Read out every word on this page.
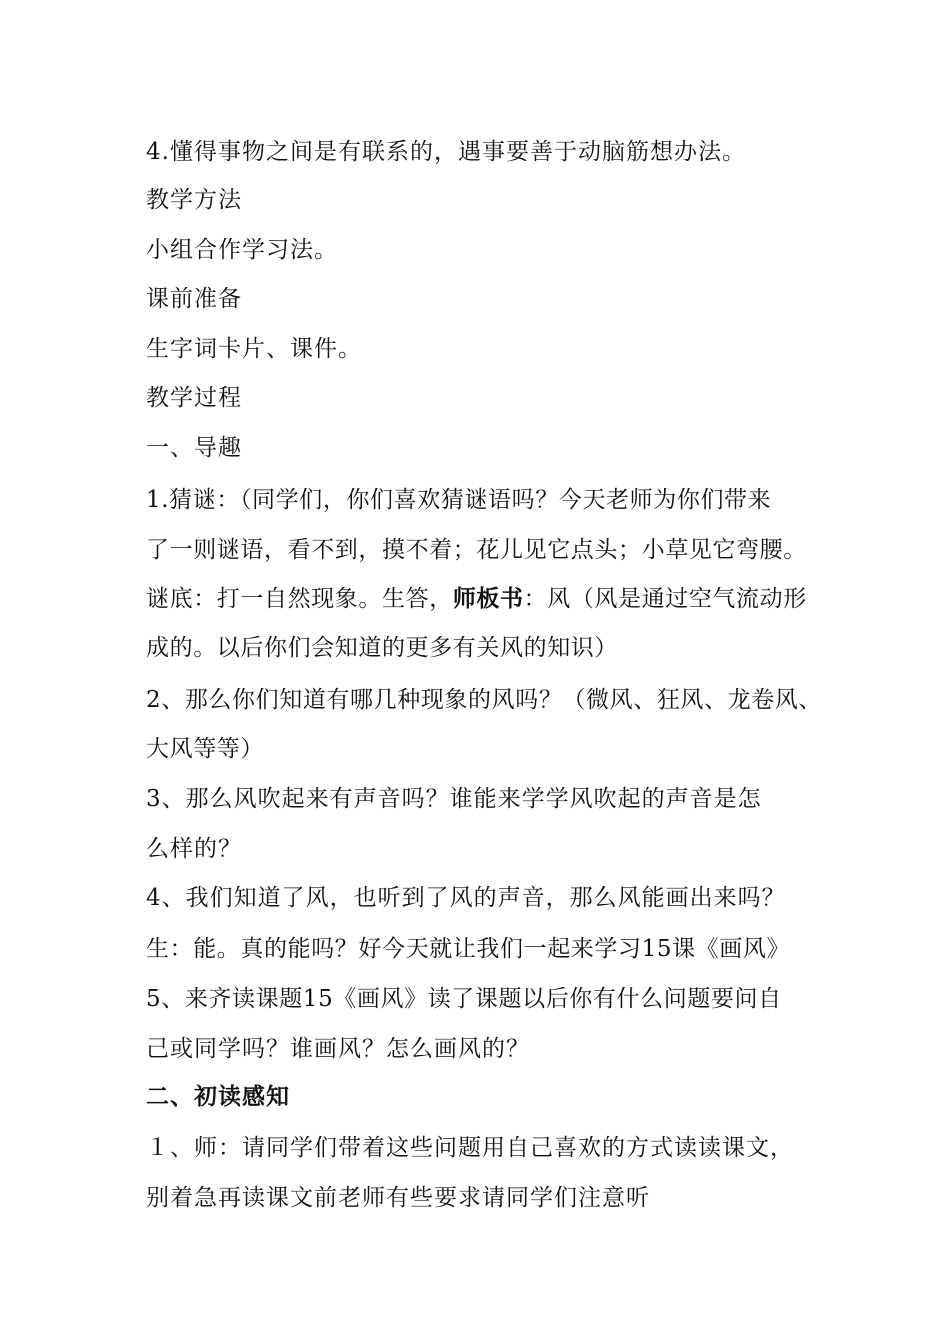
4.懂得事物之间是有联系的，遇事要善于动脑筋想办法。
教学方法
小组合作学习法。
课前准备
生字词卡片、课件。
教学过程
一、导趣
1.猜谜：（同学们，你们喜欢猜谜语吗？今天老师为你们带来
了一则谜语，看不到，摸不着；花儿见它点头；小草见它弯腰。
谜底：打一自然现象。生答，师板书：风（风是通过空气流动形
成的。以后你们会知道的更多有关风的知识）
2、那么你们知道有哪几种现象的风吗？（微风、狂风、龙卷风、
大风等等）
3、那么风吹起来有声音吗？谁能来学学风吹起的声音是怎
么样的？
4、我们知道了风，也听到了风的声音，那么风能画出来吗？
生：能。真的能吗？好今天就让我们一起来学习15课《画风》
5、来齐读课题15《画风》读了课题以后你有什么问题要问自
己或同学吗？谁画风？怎么画风的？
二、初读感知
１、师：请同学们带着这些问题用自己喜欢的方式读读课文，
别着急再读课文前老师有些要求请同学们注意听
